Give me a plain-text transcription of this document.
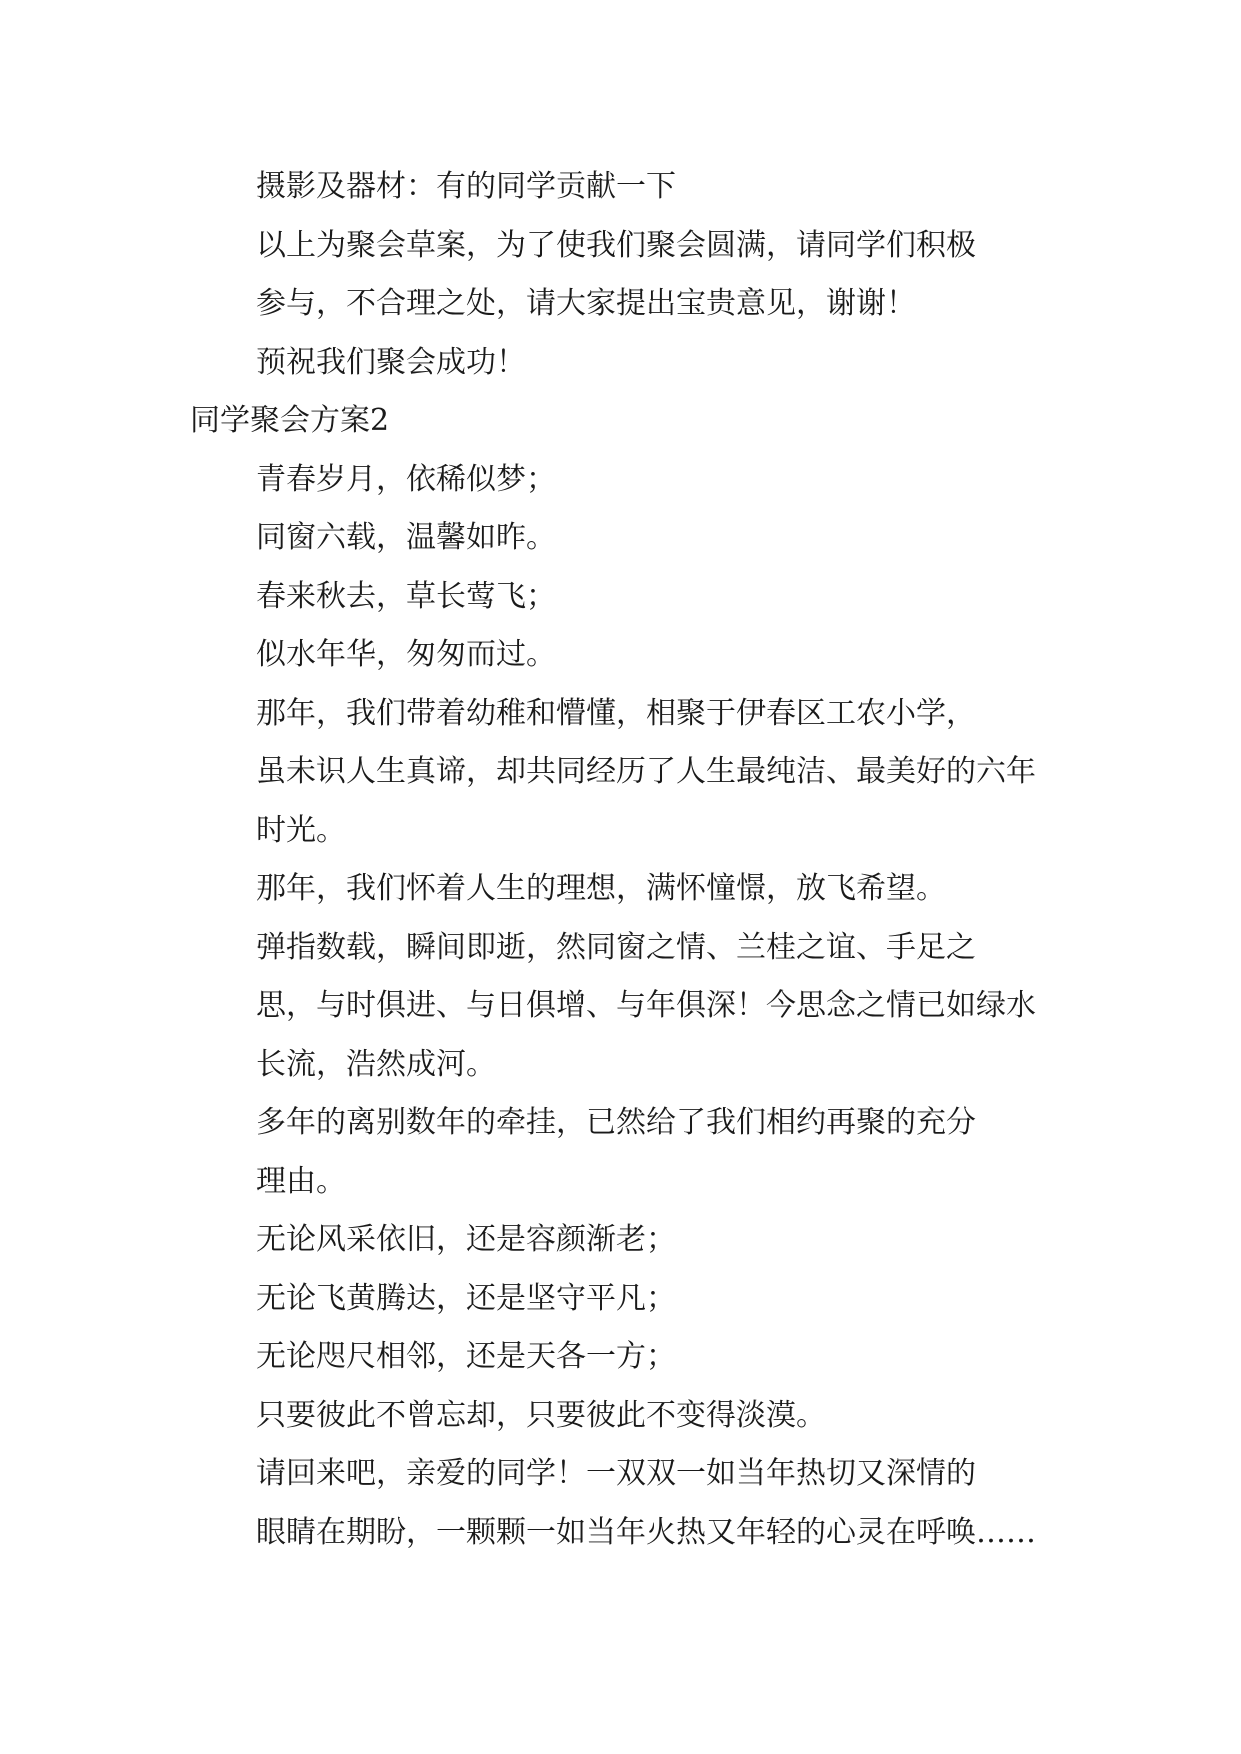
摄影及器材：有的同学贡献一下

以上为聚会草案，为了使我们聚会圆满，请同学们积极
参与，不合理之处，请大家提出宝贵意见，谢谢！

预祝我们聚会成功！

同学聚会方案2

青春岁月，依稀似梦；

同窗六载，温馨如昨。

春来秋去，草长莺飞；

似水年华，匆匆而过。

那年，我们带着幼稚和懵懂，相聚于伊春区工农小学，
虽未识人生真谛，却共同经历了人生最纯洁、最美好的六年
时光。

那年，我们怀着人生的理想，满怀憧憬，放飞希望。

弹指数载，瞬间即逝，然同窗之情、兰桂之谊、手足之
思，与时俱进、与日俱增、与年俱深！今思念之情已如绿水
长流，浩然成河。

多年的离别数年的牵挂，已然给了我们相约再聚的充分
理由。

无论风采依旧，还是容颜渐老；

无论飞黄腾达，还是坚守平凡；

无论咫尺相邻，还是天各一方；

只要彼此不曾忘却，只要彼此不变得淡漠。

请回来吧，亲爱的同学！一双双一如当年热切又深情的
眼睛在期盼，一颗颗一如当年火热又年轻的心灵在呼唤……
